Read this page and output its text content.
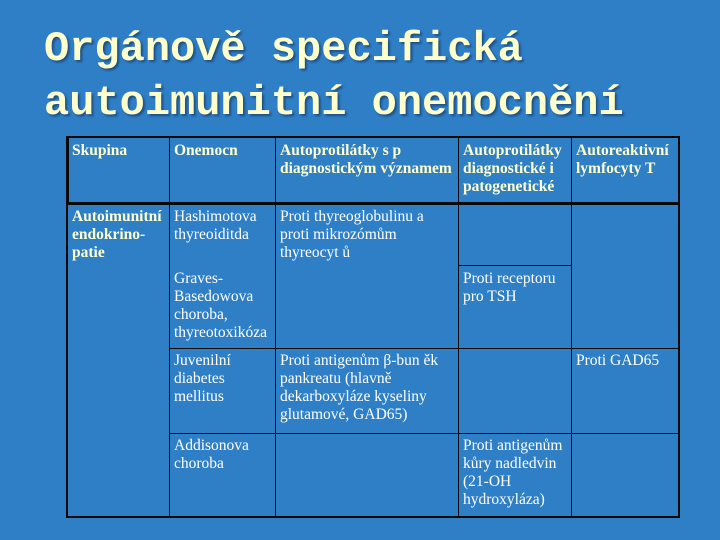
Orgánově specifická
autoimunitní onemocnění
Skupina	Onemocn	Autoprotilátky s p
diagnostickým významem
Autoprotilátky
diagnostické i
patogenetické
Autoreaktivní
lymfocyty T
Autoimunitní
endokrino-
patie
Hashimotova
thyreoiditda
Proti thyreoglobulinu a
proti mikrozómům
thyreocyt ů
Graves-
Basedowova
choroba,
thyreotoxikóza
Proti receptoru
pro TSH
Juvenilní
diabetes
mellitus
Proti antigenům β-bun ěk
pankreatu (hlavně
dekarboxyláze kyseliny
glutamové, GAD65)
Proti GAD65
Addisonova
choroba
Proti antigenům
kůry nadledvin
(21-OH
hydroxyláza)
